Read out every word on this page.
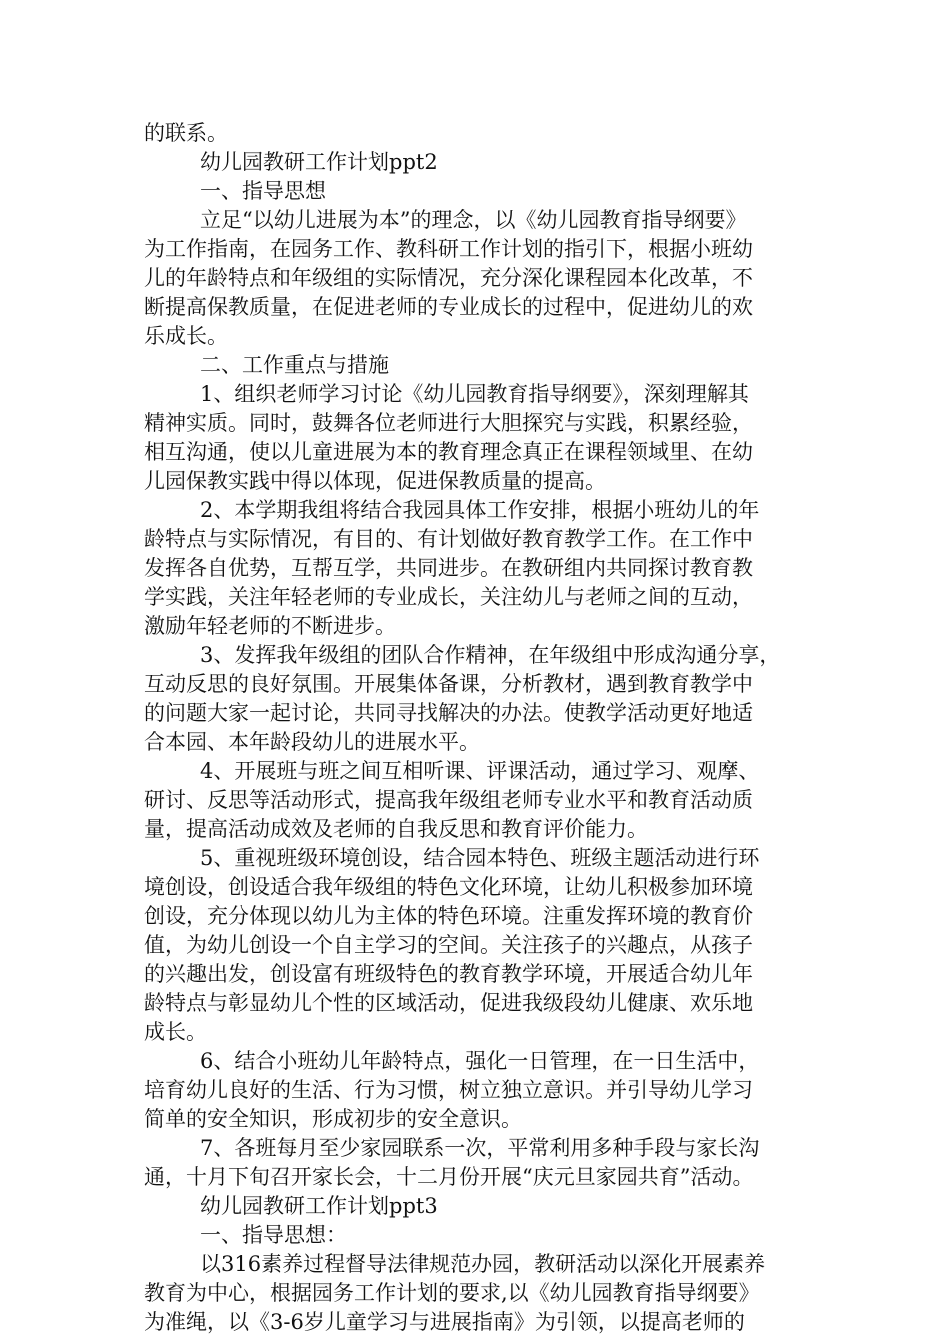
的联系。

幼儿园教研工作计划ppt2

一、指导思想

立足“以幼儿进展为本”的理念，以《幼儿园教育指导纲要》

为工作指南，在园务工作、教科研工作计划的指引下，根据小班幼

儿的年龄特点和年级组的实际情况，充分深化课程园本化改革，不

断提高保教质量，在促进老师的专业成长的过程中，促进幼儿的欢

乐成长。

二、工作重点与措施

1、组织老师学习讨论《幼儿园教育指导纲要》，深刻理解其

精神实质。同时，鼓舞各位老师进行大胆探究与实践，积累经验，

相互沟通，使以儿童进展为本的教育理念真正在课程领域里、在幼

儿园保教实践中得以体现，促进保教质量的提高。

2、本学期我组将结合我园具体工作安排，根据小班幼儿的年

龄特点与实际情况，有目的、有计划做好教育教学工作。在工作中

发挥各自优势，互帮互学，共同进步。在教研组内共同探讨教育教

学实践，关注年轻老师的专业成长，关注幼儿与老师之间的互动，

激励年轻老师的不断进步。

3、发挥我年级组的团队合作精神，在年级组中形成沟通分享，

互动反思的良好氛围。开展集体备课，分析教材，遇到教育教学中

的问题大家一起讨论，共同寻找解决的办法。使教学活动更好地适

合本园、本年龄段幼儿的进展水平。

4、开展班与班之间互相听课、评课活动，通过学习、观摩、

研讨、反思等活动形式，提高我年级组老师专业水平和教育活动质

量，提高活动成效及老师的自我反思和教育评价能力。

5、重视班级环境创设，结合园本特色、班级主题活动进行环

境创设，创设适合我年级组的特色文化环境，让幼儿积极参加环境

创设，充分体现以幼儿为主体的特色环境。注重发挥环境的教育价

值，为幼儿创设一个自主学习的空间。关注孩子的兴趣点，从孩子

的兴趣出发，创设富有班级特色的教育教学环境，开展适合幼儿年

龄特点与彰显幼儿个性的区域活动，促进我级段幼儿健康、欢乐地

成长。

6、结合小班幼儿年龄特点，强化一日管理，在一日生活中，

培育幼儿良好的生活、行为习惯，树立独立意识。并引导幼儿学习

简单的安全知识，形成初步的安全意识。

7、各班每月至少家园联系一次，平常利用多种手段与家长沟

通，十月下旬召开家长会，十二月份开展“庆元旦家园共育”活动。

幼儿园教研工作计划ppt3

一、指导思想：

以316素养过程督导法律规范办园，教研活动以深化开展素养

教育为中心，根据园务工作计划的要求,以《幼儿园教育指导纲要》

为准绳，以《3-6岁儿童学习与进展指南》为引领，以提高老师的
